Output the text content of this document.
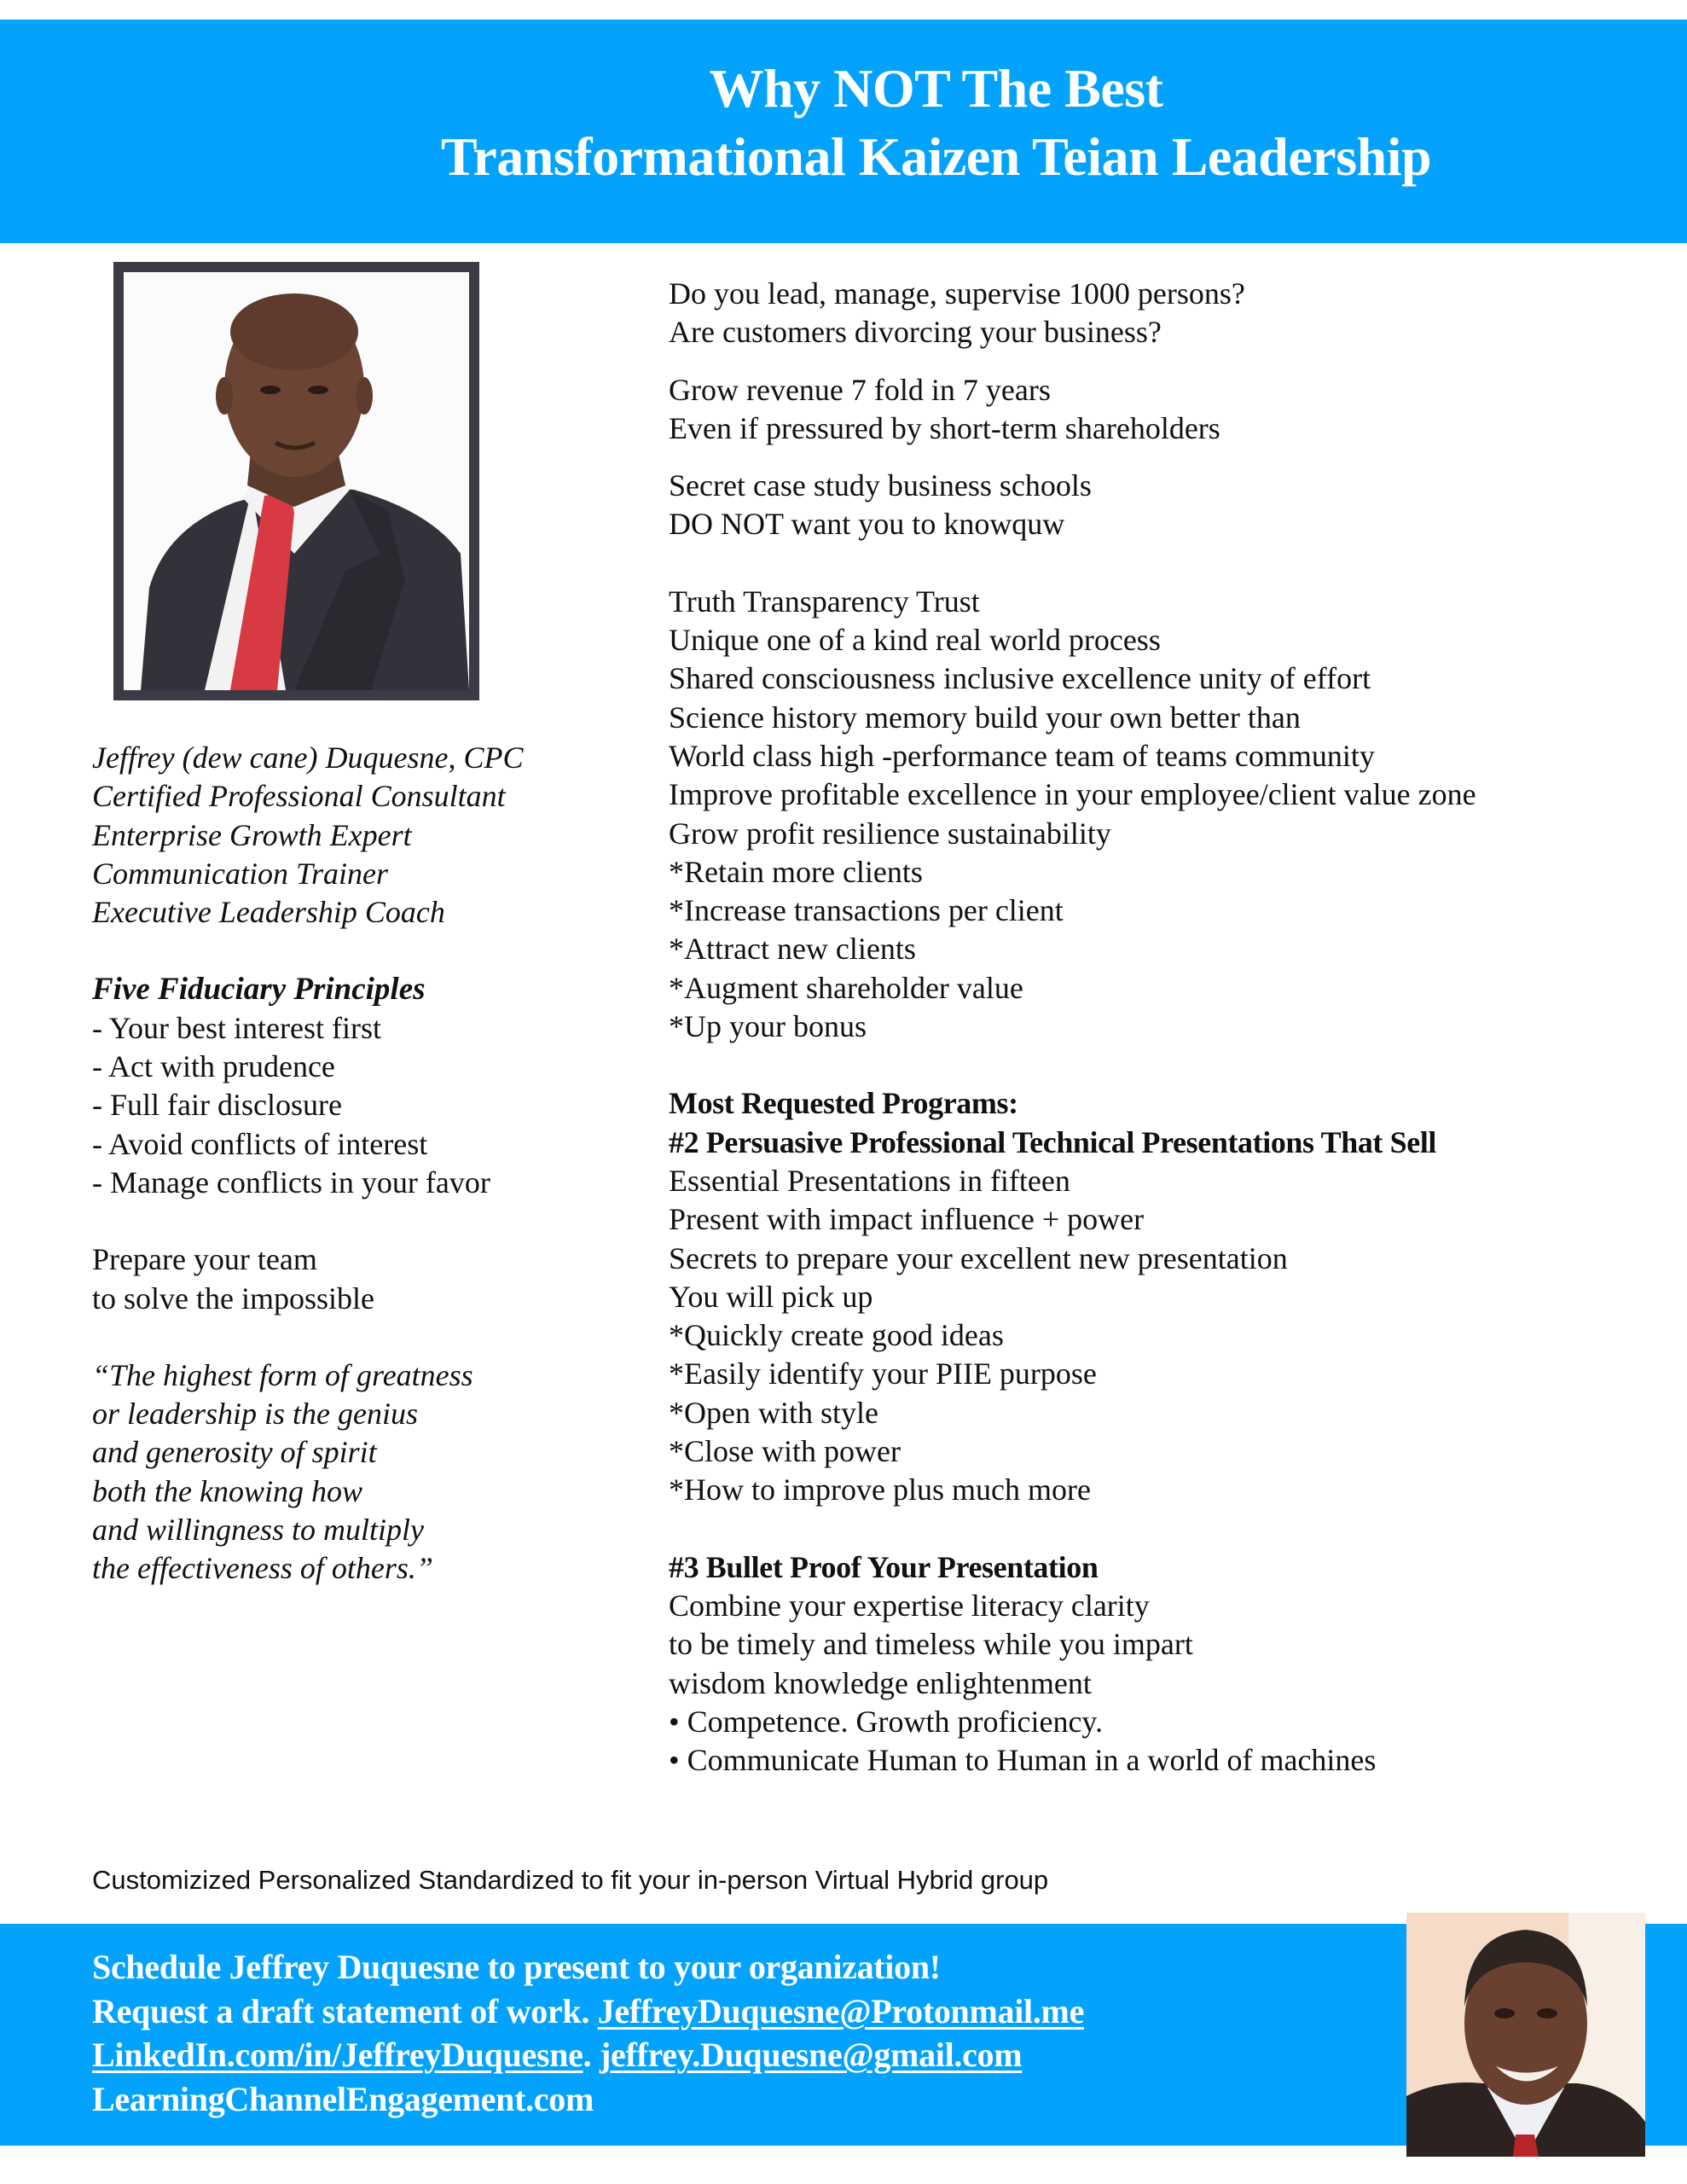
Why NOT The Best
Transformational Kaizen Teian Leadership
Jeffrey (dew cane) Duquesne, CPC
Certified Professional Consultant
Enterprise Growth Expert
Communication Trainer
Executive Leadership Coach
Five Fiduciary Principles
- Your best interest first
- Act with prudence
- Full fair disclosure
- Avoid conflicts of interest
- Manage conflicts in your favor
Prepare your team
to solve the impossible
“The highest form of greatness
or leadership is the genius
and generosity of spirit
both the knowing how
and willingness to multiply
the effectiveness of others.”
Do you lead, manage, supervise 1000 persons?
Are customers divorcing your business?
Grow revenue 7 fold in 7 years
Even if pressured by short-term shareholders
Secret case study business schools
DO NOT want you to knowquw
Truth Transparency Trust
Unique one of a kind real world process
Shared consciousness inclusive excellence unity of effort
Science history memory build your own better than
World class high -performance team of teams community
Improve profitable excellence in your employee/client value zone
Grow profit resilience sustainability
*Retain more clients
*Increase transactions per client
*Attract new clients
*Augment shareholder value
*Up your bonus
Most Requested Programs:
#2 Persuasive Professional Technical Presentations That Sell
Essential Presentations in fifteen
Present with impact influence + power
Secrets to prepare your excellent new presentation
You will pick up
*Quickly create good ideas
*Easily identify your PIIE purpose
*Open with style
*Close with power
*How to improve plus much more
#3 Bullet Proof Your Presentation
Combine your expertise literacy clarity
to be timely and timeless while you impart
wisdom knowledge enlightenment
• Competence. Growth proficiency.
• Communicate Human to Human in a world of machines
Customizized Personalized Standardized to fit your in-person Virtual Hybrid group
Schedule Jeffrey Duquesne to present to your organization!
Request a draft statement of work. JeffreyDuquesne@Protonmail.me
LinkedIn.com/in/JeffreyDuquesne. jeffrey.Duquesne@gmail.com
LearningChannelEngagement.com
